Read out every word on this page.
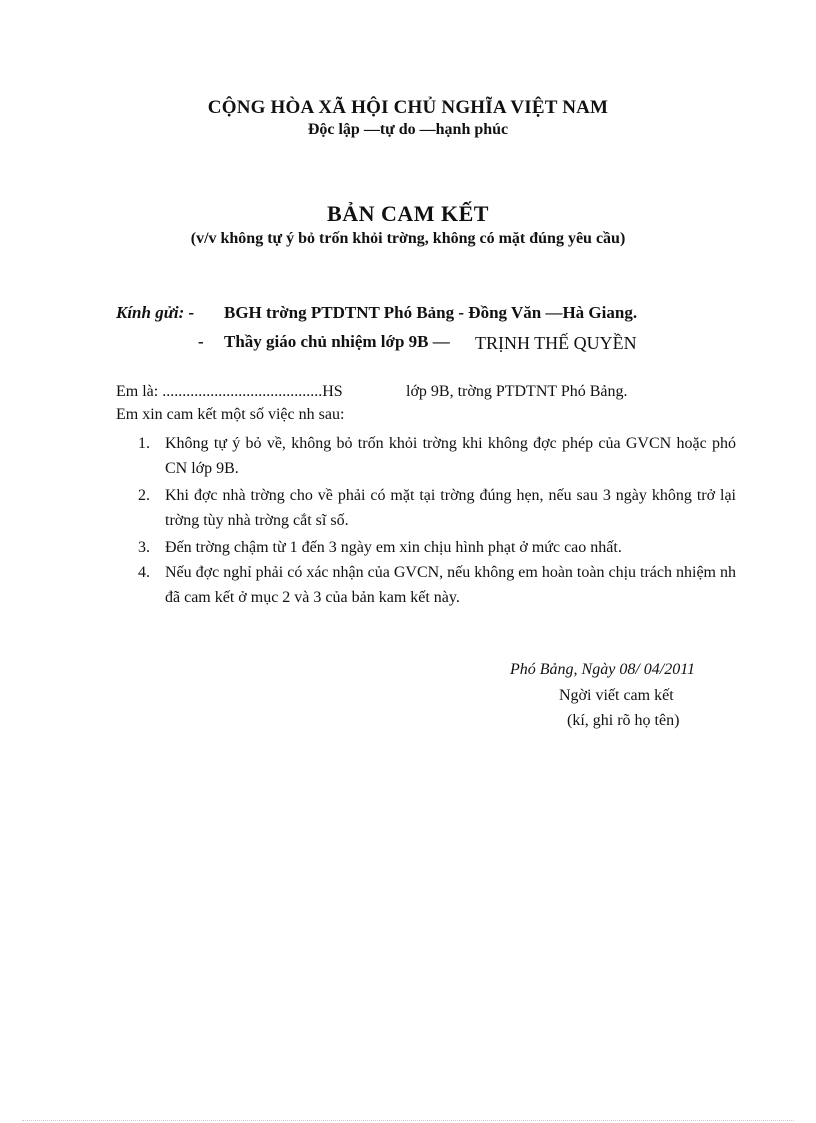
CỘNG HÒA XÃ HỘI CHỦ NGHĨA VIỆT NAM
Độc lập —tự do —hạnh phúc
BẢN CAM KẾT
(v/v không tự ý bỏ trốn khỏi trờng, không có mặt đúng yêu cầu)
Kính gửi: - BGH trờng PTDTNT Phó Bảng - Đồng Văn —Hà Giang.
- Thầy giáo chủ nhiệm lớp 9B — TRỊNH THẾ QUYỀN
Em là: ........................................HS	lớp 9B, trờng PTDTNT Phó Bảng.
Em xin cam kết một số việc nh sau:
1. Không tự ý bỏ về, không bỏ trốn khỏi trờng khi không đợc phép của GVCN hoặc phó CN lớp 9B.
2. Khi đợc nhà trờng cho về phải có mặt tại trờng đúng hẹn, nếu sau 3 ngày không trở lại trờng tùy nhà trờng cắt sĩ số.
3. Đến trờng chậm từ 1 đến 3 ngày em xin chịu hình phạt ở mức cao nhất.
4. Nếu đợc nghỉ phải có xác nhận của GVCN, nếu không em hoàn toàn chịu trách nhiệm nh đã cam kết ở mục 2 và 3 của bản kam kết này.
Phó Bảng, Ngày 08/ 04/2011
Ngời viết cam kết
(kí, ghi rõ họ tên)
